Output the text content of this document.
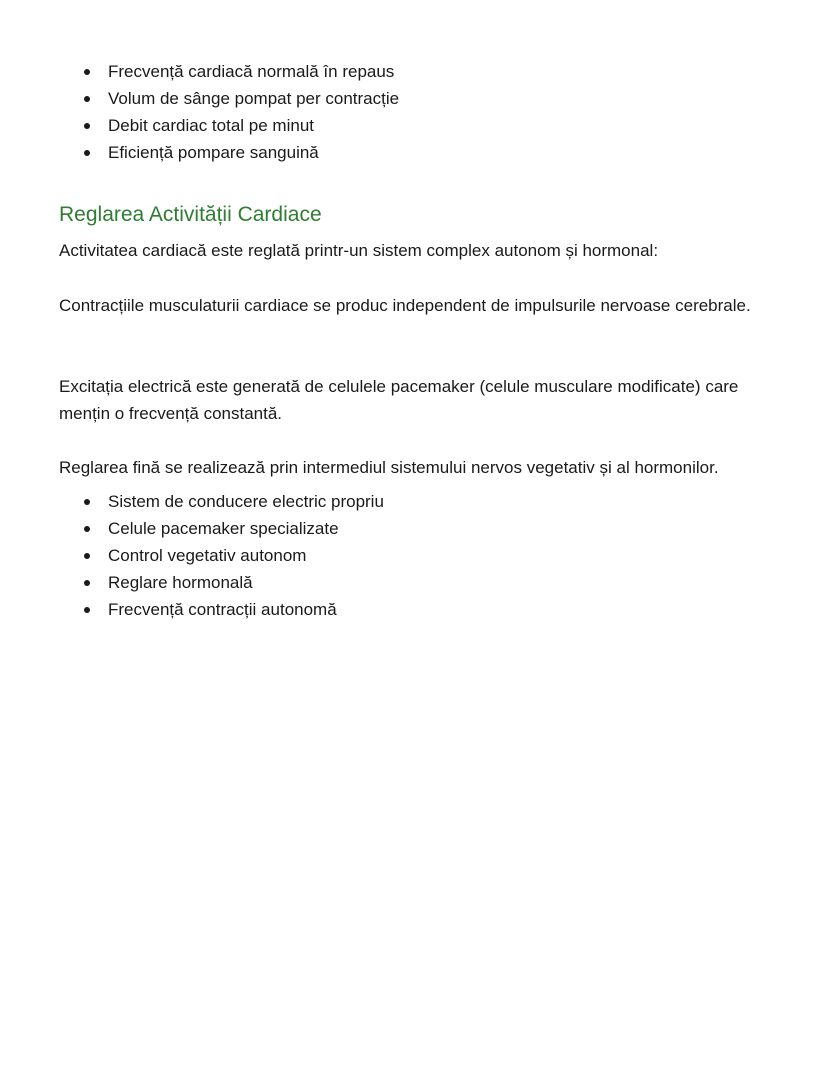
Frecvență cardiacă normală în repaus
Volum de sânge pompat per contracție
Debit cardiac total pe minut
Eficiență pompare sanguină
Reglarea Activității Cardiace

Activitatea cardiacă este reglată printr-un sistem complex autonom și hormonal:

Contracțiile musculaturii cardiace se produc independent de impulsurile nervoase cerebrale.

Excitația electrică este generată de celulele pacemaker (celule musculare modificate) care mențin o frecvență constantă.

Reglarea fină se realizează prin intermediul sistemului nervos vegetativ și al hormonilor.

Sistem de conducere electric propriu
Celule pacemaker specializate
Control vegetativ autonom
Reglare hormonală
Frecvență contracții autonomă
